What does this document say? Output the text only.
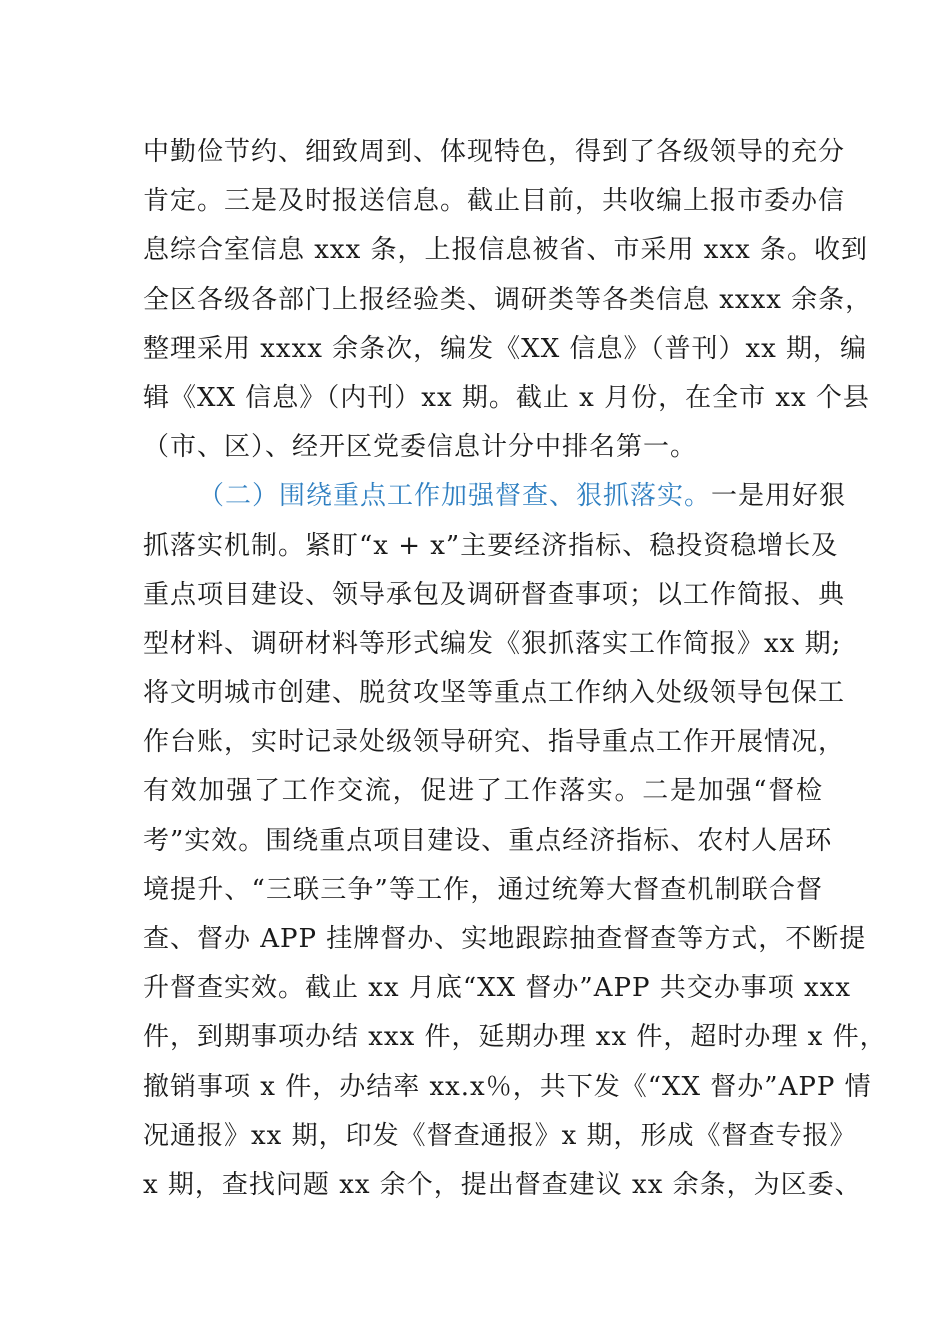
中勤俭节约、细致周到、体现特色，得到了各级领导的充分
肯定。三是及时报送信息。截止目前，共收编上报市委办信
息综合室信息 xxx 条，上报信息被省、市采用 xxx 条。收到
全区各级各部门上报经验类、调研类等各类信息 xxxx 余条，
整理采用 xxxx 余条次，编发《XX 信息》（普刊）xx 期，编
辑《XX 信息》（内刊）xx 期。截止 x 月份，在全市 xx 个县
（市、区）、经开区党委信息计分中排名第一。
（二）围绕重点工作加强督查、狠抓落实。一是用好狠
抓落实机制。紧盯“x + x”主要经济指标、稳投资稳增长及
重点项目建设、领导承包及调研督查事项；以工作简报、典
型材料、调研材料等形式编发《狠抓落实工作简报》xx 期;
将文明城市创建、脱贫攻坚等重点工作纳入处级领导包保工
作台账，实时记录处级领导研究、指导重点工作开展情况，
有效加强了工作交流，促进了工作落实。二是加强“督检
考”实效。围绕重点项目建设、重点经济指标、农村人居环
境提升、“三联三争”等工作，通过统筹大督查机制联合督
查、督办 APP 挂牌督办、实地跟踪抽查督查等方式，不断提
升督查实效。截止 xx 月底“XX 督办”APP 共交办事项 xxx
件，到期事项办结 xxx 件，延期办理 xx 件，超时办理 x 件，
撤销事项 x 件，办结率 xx.x％，共下发《“XX 督办”APP 情
况通报》xx 期，印发《督查通报》x 期，形成《督查专报》
x 期，查找问题 xx 余个，提出督查建议 xx 余条，为区委、
